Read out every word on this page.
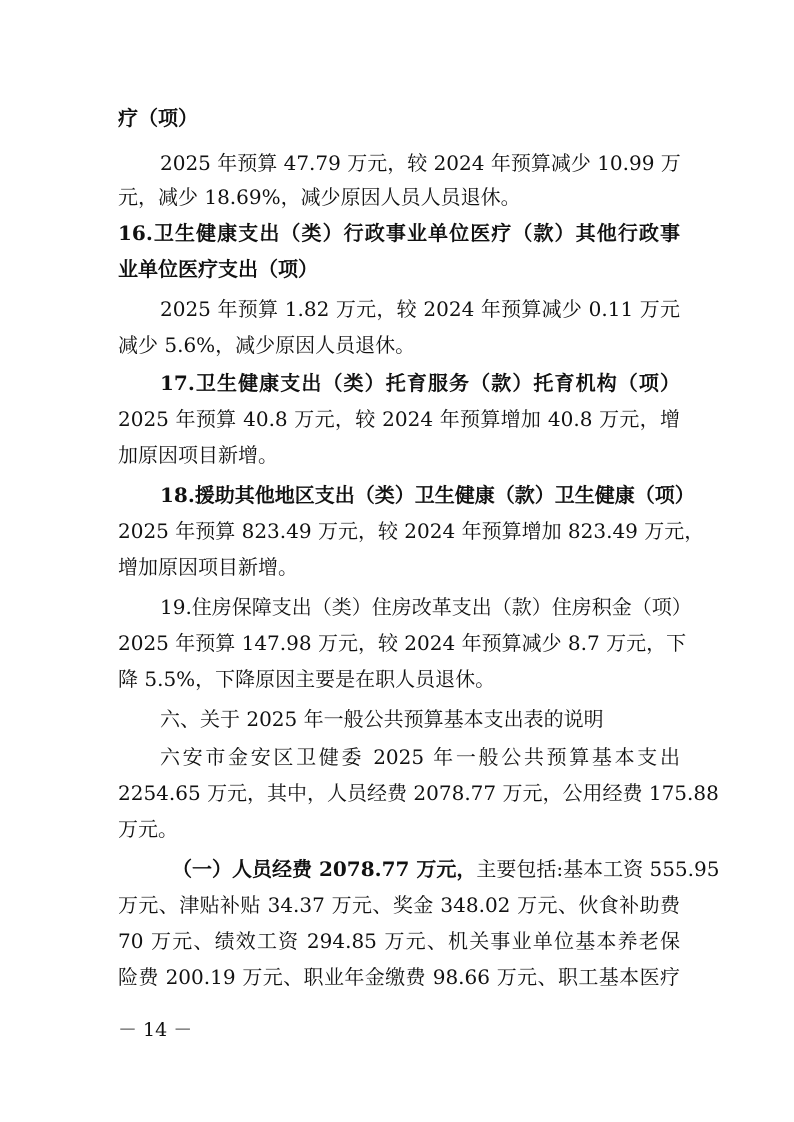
疗（项）
2025 年预算 47.79 万元，较 2024 年预算减少 10.99 万
元，减少 18.69%，减少原因人员人员退休。
16.卫生健康支出（类）行政事业单位医疗（款）其他行政事
业单位医疗支出（项）
2025 年预算 1.82 万元，较 2024 年预算减少 0.11 万元
减少 5.6%，减少原因人员退休。
17.卫生健康支出（类）托育服务（款）托育机构（项）
2025 年预算 40.8 万元，较 2024 年预算增加 40.8 万元，增
加原因项目新增。
18.援助其他地区支出（类）卫生健康（款）卫生健康（项）
2025 年预算 823.49 万元，较 2024 年预算增加 823.49 万元，
增加原因项目新增。
19.住房保障支出（类）住房改革支出（款）住房积金（项）
2025 年预算 147.98 万元，较 2024 年预算减少 8.7 万元，下
降 5.5%，下降原因主要是在职人员退休。
六、关于 2025 年一般公共预算基本支出表的说明
六安市金安区卫健委 2025 年一般公共预算基本支出
2254.65 万元，其中，人员经费 2078.77 万元，公用经费 175.88
万元。
（一）人员经费 2078.77 万元， 主要包括:基本工资 555.95
万元、津贴补贴 34.37 万元、奖金 348.02 万元、伙食补助费
70 万元、绩效工资 294.85 万元、机关事业单位基本养老保
险费 200.19 万元、职业年金缴费 98.66 万元、职工基本医疗
－ 14 －
